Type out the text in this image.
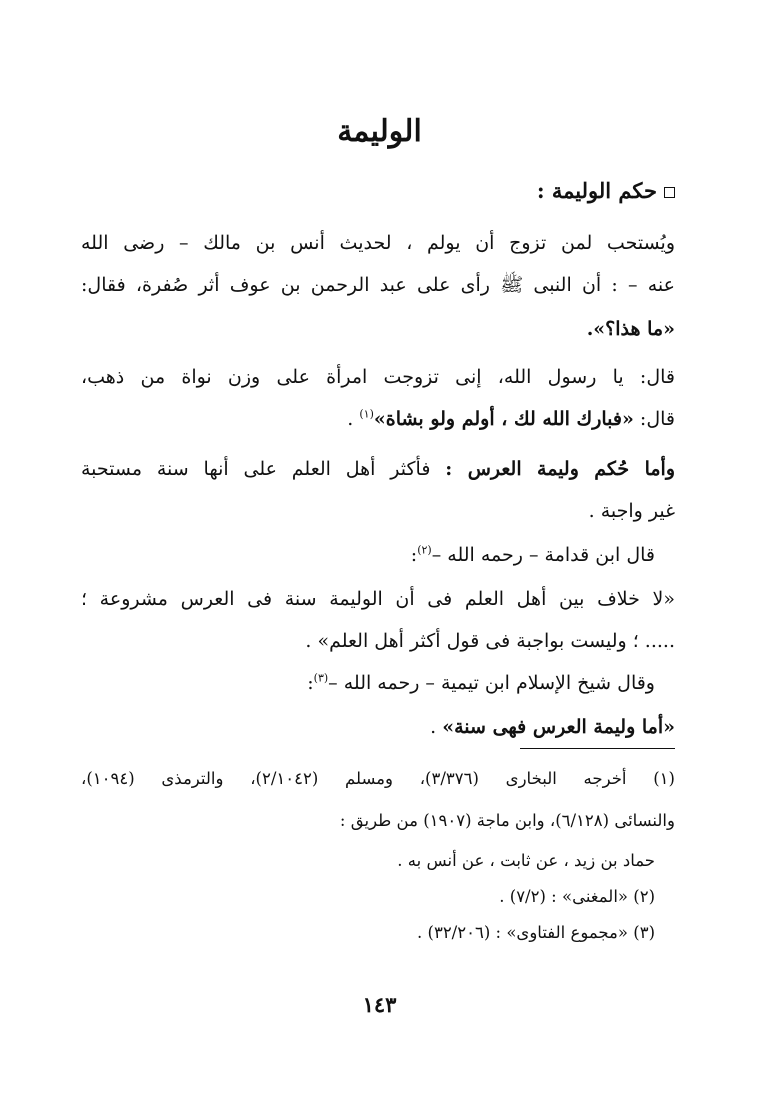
الوليمة
حكم الوليمة :
ويُستحب لمن تزوج أن يولم ، لحديث أنس بن مالك – رضى الله
عنه – : أن النبى ﷺ رأى على عبد الرحمن بن عوف أثر صُفرة، فقال:
«ما هذا؟».
قال: يا رسول الله، إنى تزوجت امرأة على وزن نواة من ذهب،
قال: «فبارك الله لك ، أولم ولو بشاة»$^{(١)}$ .
وأما حُكم وليمة العرس : فأكثر أهل العلم على أنها سنة مستحبة
غير واجبة .
قال ابن قدامة – رحمه الله –$^{(٢)}$:
«لا خلاف بين أهل العلم فى أن الوليمة سنة فى العرس مشروعة ؛
..... ؛ وليست بواجبة فى قول أكثر أهل العلم» .
وقال شيخ الإسلام ابن تيمية – رحمه الله –$^{(٣)}$:
«أما وليمة العرس فهى سنة» .
(١) أخرجه البخارى (٣/٣٧٦)، ومسلم (٢/١٠٤٢)، والترمذى (١٠٩٤)،
والنسائى (٦/١٢٨)، وابن ماجة (١٩٠٧) من طريق :
حماد بن زيد ، عن ثابت ، عن أنس به .
(٢) «المغنى» : (٧/٢) .
(٣) «مجموع الفتاوى» : (٣٢/٢٠٦) .
١٤٣
